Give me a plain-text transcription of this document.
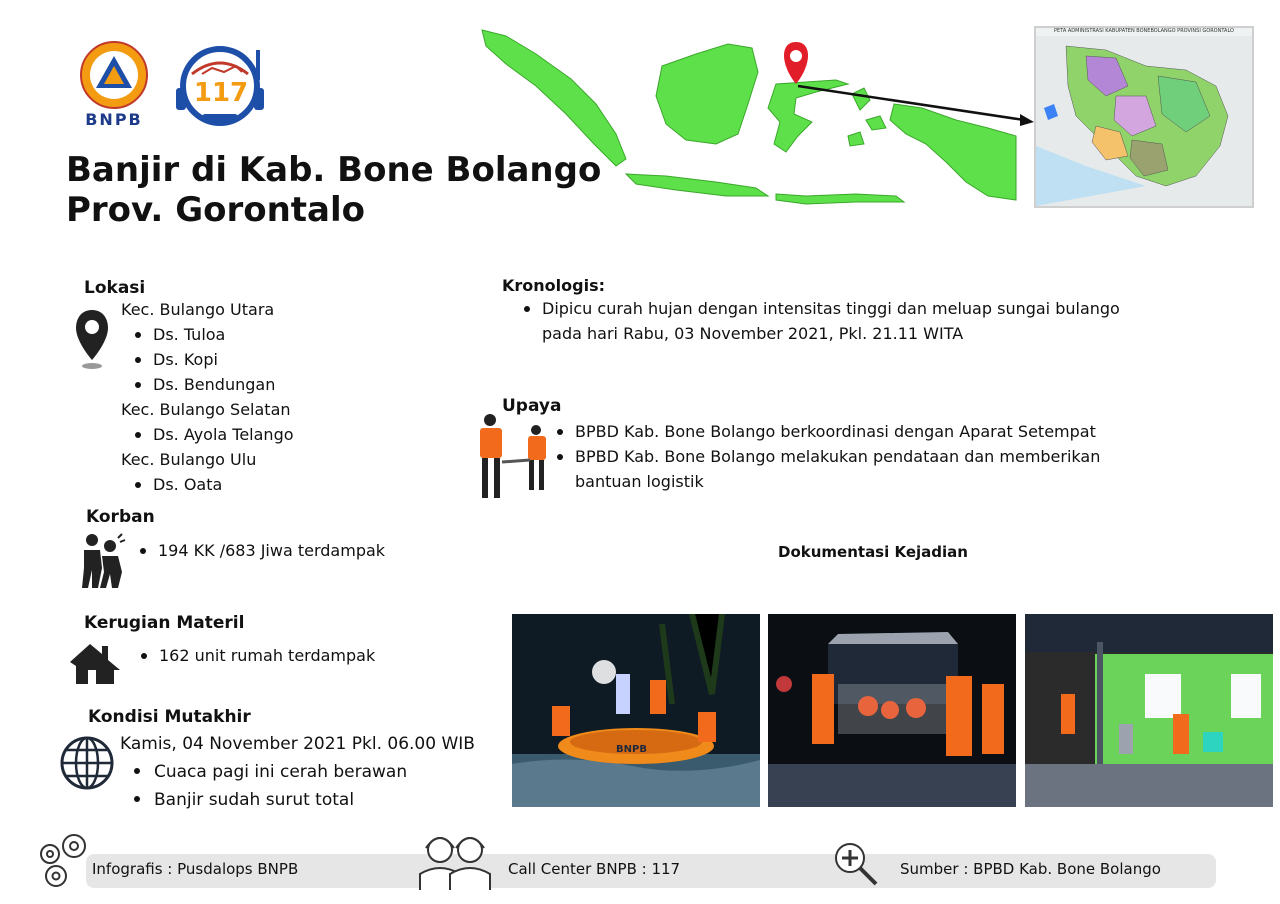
BNPB
117
Banjir di Kab. Bone Bolango
Prov. Gorontalo
PETA ADMINISTRASI KABUPATEN BONEBOLANGO PROVINSI GORONTALO
Lokasi
Kec. Bulango Utara
Ds. Tuloa
Ds. Kopi
Ds. Bendungan
Kec. Bulango Selatan
Ds. Ayola Telango
Kec. Bulango Ulu
Ds. Oata
Korban
194 KK /683 Jiwa terdampak
Kerugian Materil
162 unit rumah terdampak
Kondisi Mutakhir
Kamis, 04 November 2021 Pkl. 06.00 WIB
Cuaca pagi ini cerah berawan
Banjir sudah surut total
Kronologis:
Dipicu curah hujan dengan intensitas tinggi dan meluap sungai bulango
pada hari Rabu, 03 November 2021, Pkl. 21.11 WITA
Upaya
BPBD Kab. Bone Bolango berkoordinasi dengan Aparat Setempat
BPBD Kab. Bone Bolango melakukan pendataan dan memberikan
bantuan logistik
Dokumentasi Kejadian
BNPB
Infografis : Pusdalops BNPB	Call Center BNPB : 117	Sumber : BPBD Kab. Bone Bolango
